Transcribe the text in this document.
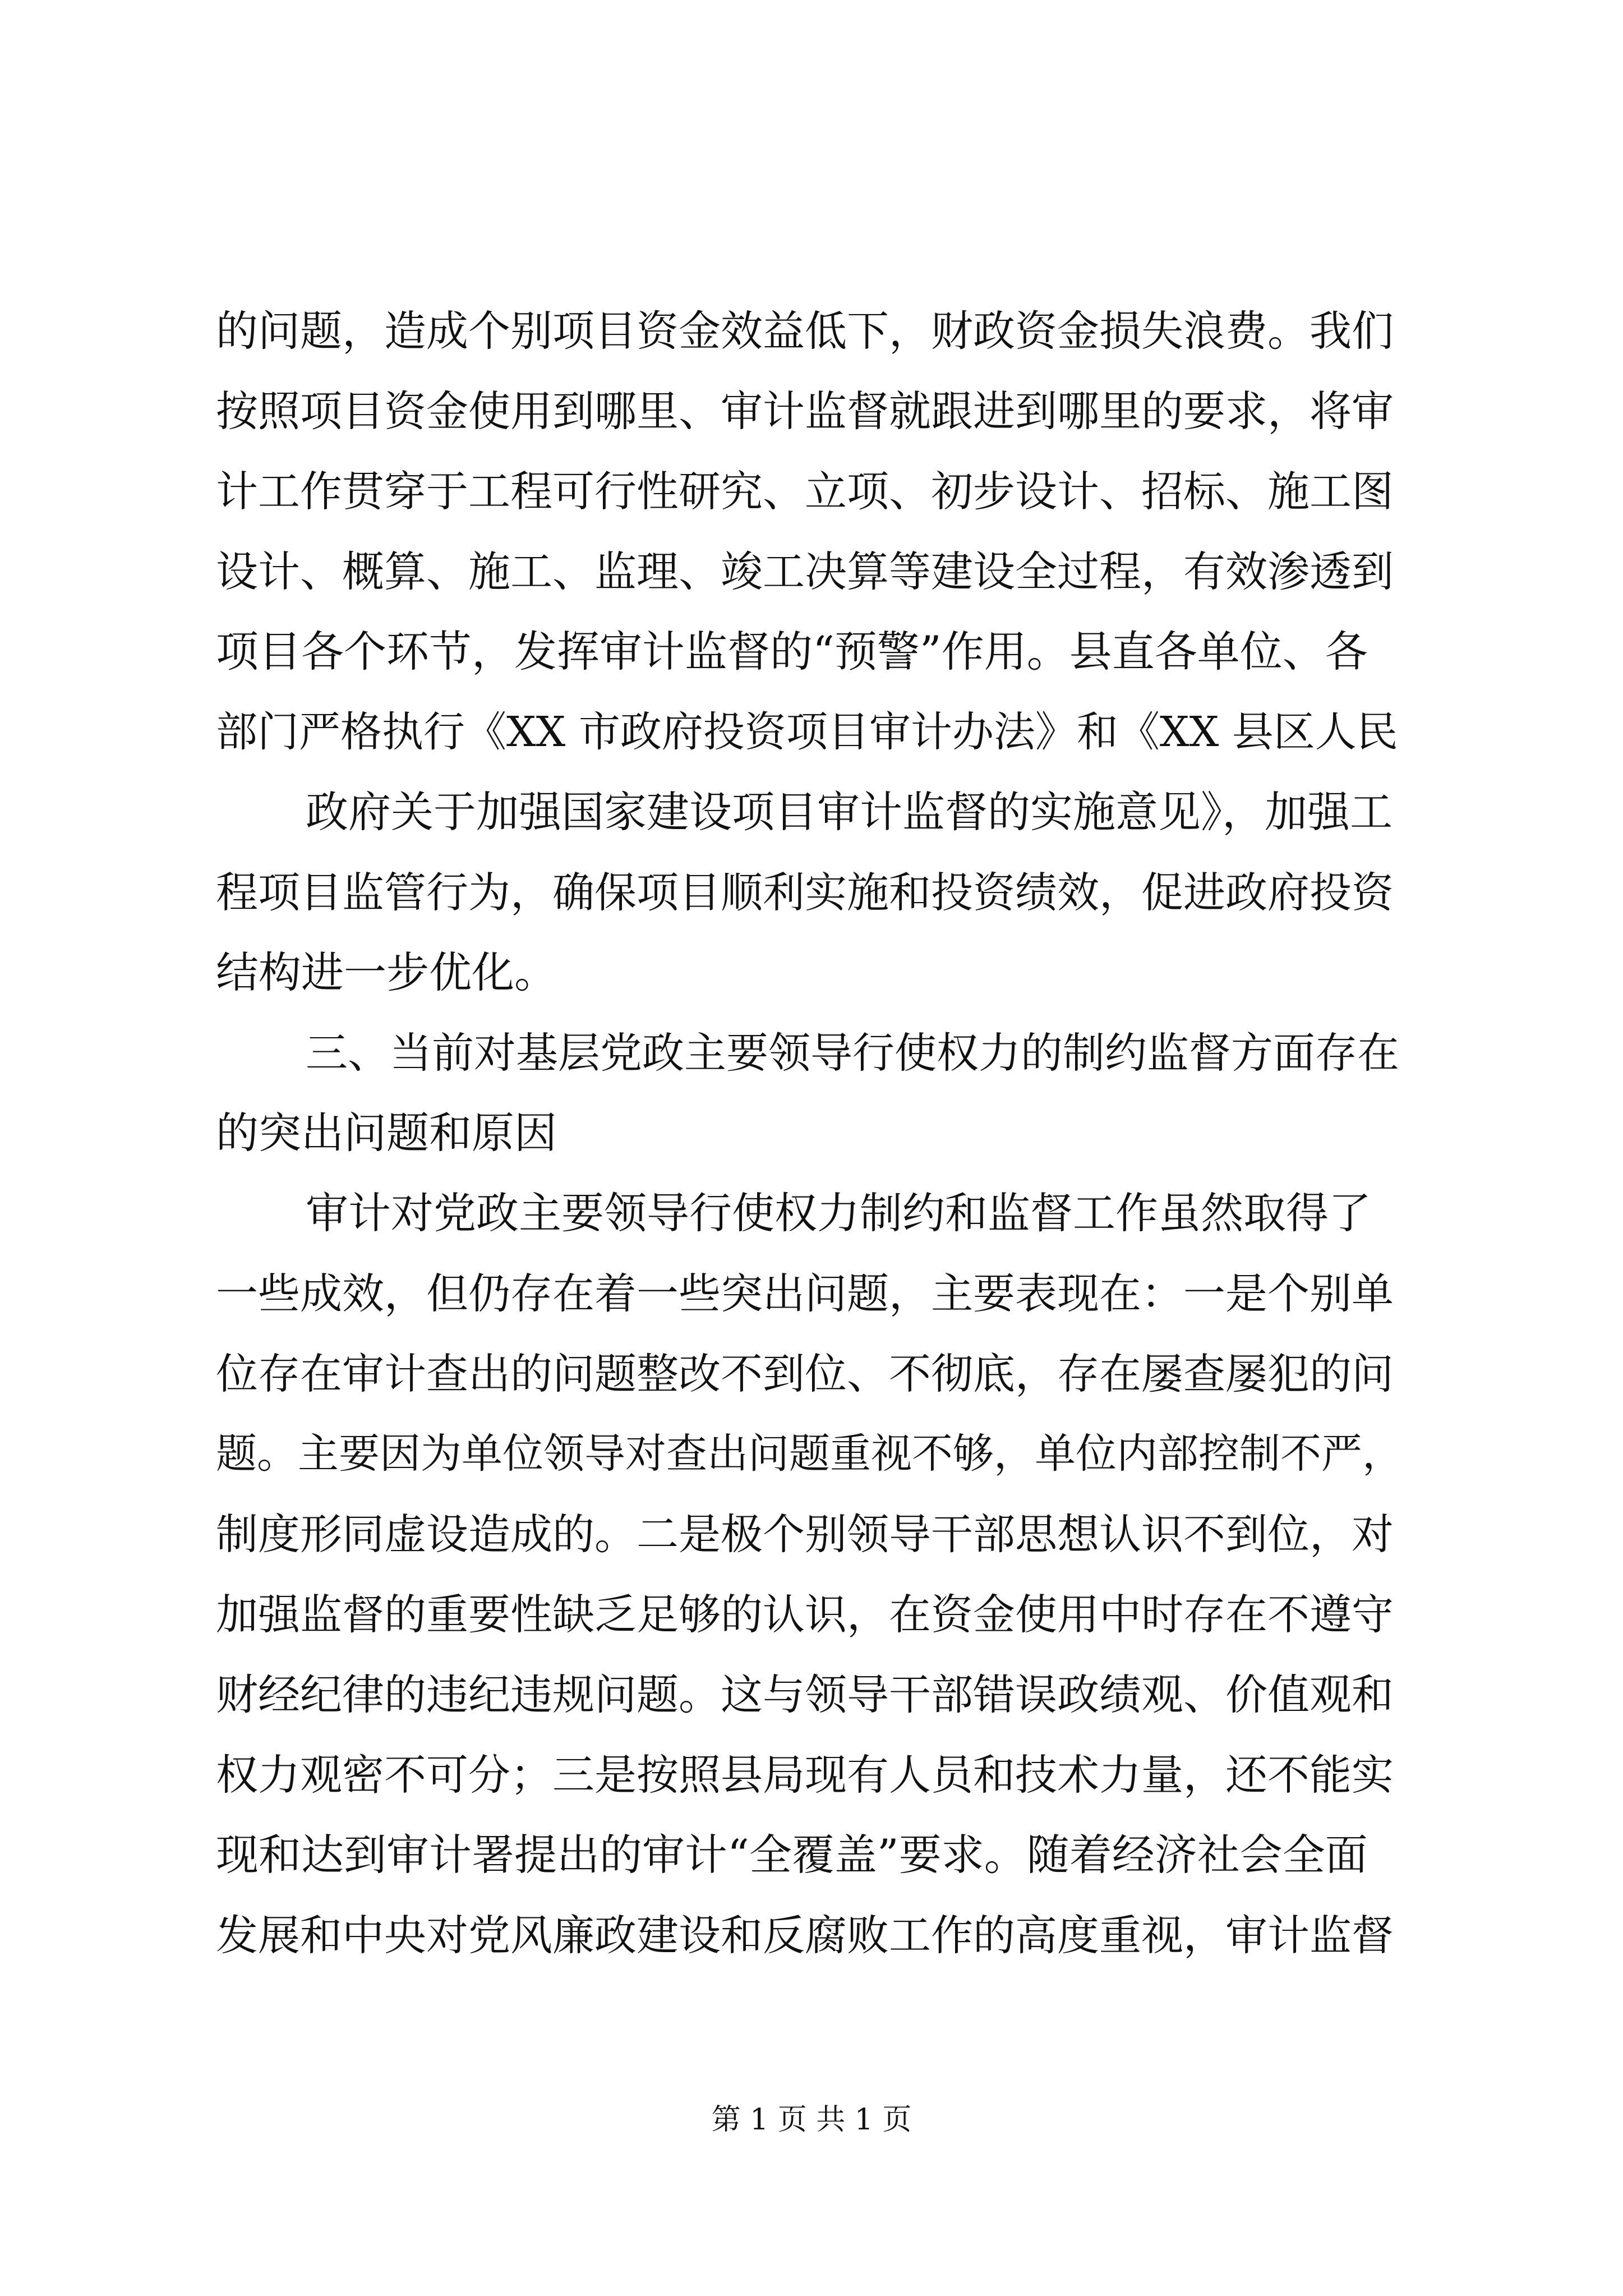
的问题，造成个别项目资金效益低下，财政资金损失浪费。我们
按照项目资金使用到哪里、审计监督就跟进到哪里的要求，将审
计工作贯穿于工程可行性研究、立项、初步设计、招标、施工图
设计、概算、施工、监理、竣工决算等建设全过程，有效渗透到
项目各个环节，发挥审计监督的“预警”作用。县直各单位、各
部门严格执行《XX 市政府投资项目审计办法》和《XX 县区人民
政府关于加强国家建设项目审计监督的实施意见》，加强工
程项目监管行为，确保项目顺利实施和投资绩效，促进政府投资
结构进一步优化。
三、当前对基层党政主要领导行使权力的制约监督方面存在
的突出问题和原因
审计对党政主要领导行使权力制约和监督工作虽然取得了
一些成效，但仍存在着一些突出问题，主要表现在：一是个别单
位存在审计查出的问题整改不到位、不彻底，存在屡查屡犯的问
题。主要因为单位领导对查出问题重视不够，单位内部控制不严，
制度形同虚设造成的。二是极个别领导干部思想认识不到位，对
加强监督的重要性缺乏足够的认识，在资金使用中时存在不遵守
财经纪律的违纪违规问题。这与领导干部错误政绩观、价值观和
权力观密不可分；三是按照县局现有人员和技术力量，还不能实
现和达到审计署提出的审计“全覆盖”要求。随着经济社会全面
发展和中央对党风廉政建设和反腐败工作的高度重视，审计监督
第 1 页 共 1 页
